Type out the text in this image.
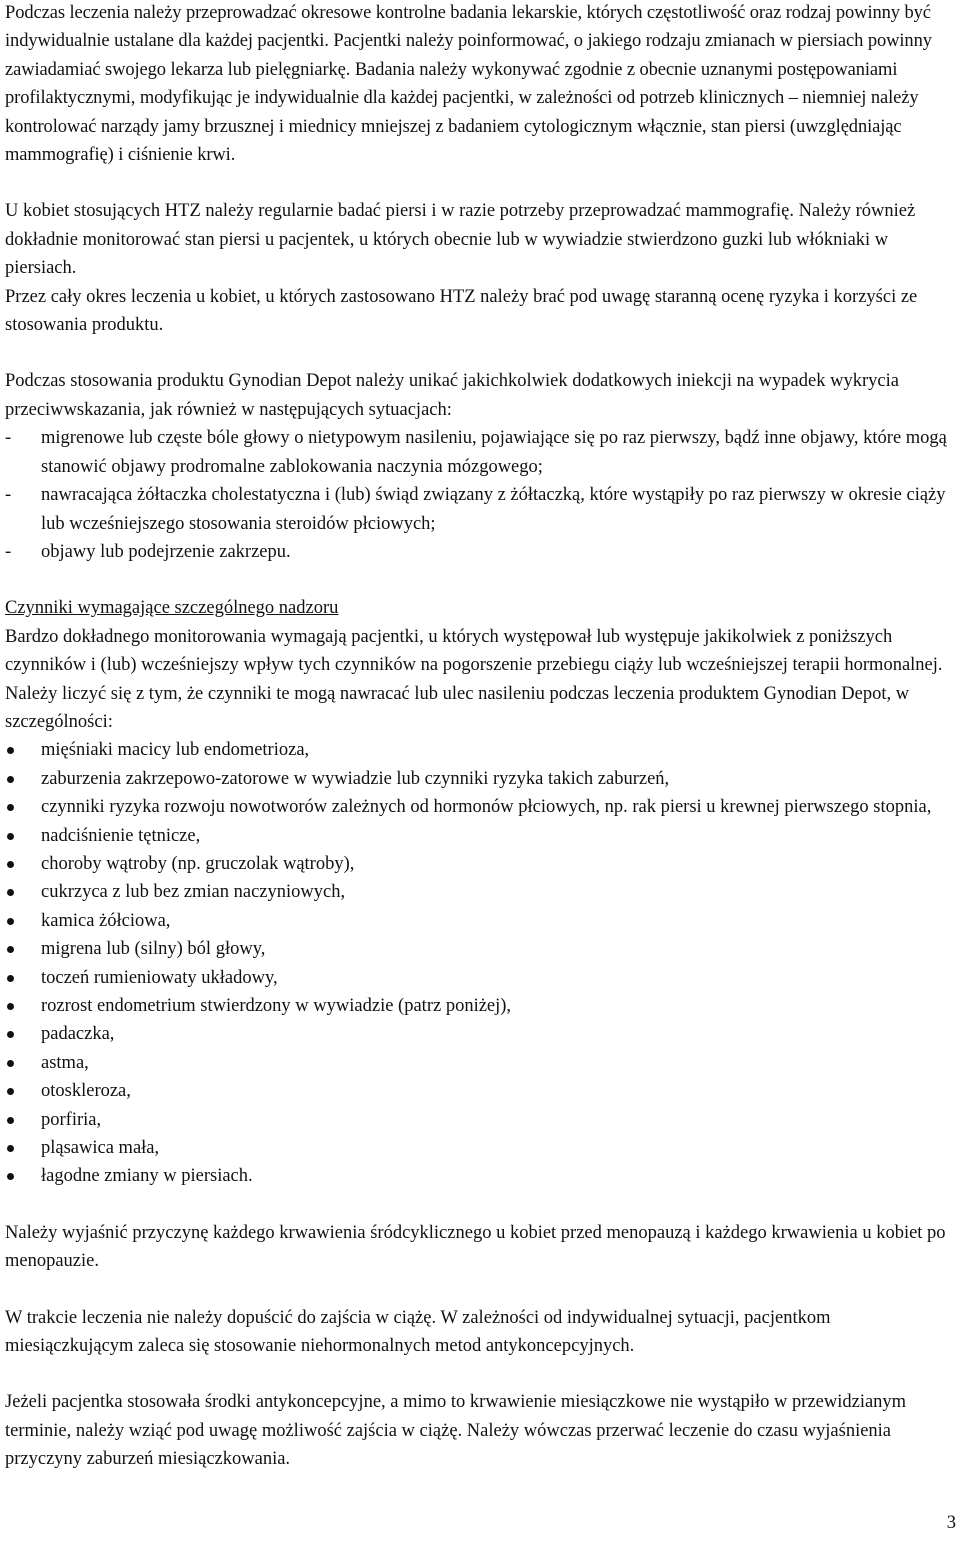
Podczas leczenia należy przeprowadzać okresowe kontrolne badania lekarskie, których częstotliwość oraz rodzaj powinny być indywidualnie ustalane dla każdej pacjentki. Pacjentki należy poinformować, o jakiego rodzaju zmianach w piersiach powinny zawiadamiać swojego lekarza lub pielęgniarkę. Badania należy wykonywać zgodnie z obecnie uznanymi postępowaniami profilaktycznymi, modyfikując je indywidualnie dla każdej pacjentki, w zależności od potrzeb klinicznych – niemniej należy kontrolować narządy jamy brzusznej i miednicy mniejszej z badaniem cytologicznym włącznie, stan piersi (uwzględniając mammografię) i ciśnienie krwi.

U kobiet stosujących HTZ należy regularnie badać piersi i w razie potrzeby przeprowadzać mammografię. Należy również dokładnie monitorować stan piersi u pacjentek, u których obecnie lub w wywiadzie stwierdzono guzki lub włókniaki w piersiach.

Przez cały okres leczenia u kobiet, u których zastosowano HTZ należy brać pod uwagę staranną ocenę ryzyka i korzyści ze stosowania produktu.

Podczas stosowania produktu Gynodian Depot należy unikać jakichkolwiek dodatkowych iniekcji na wypadek wykrycia przeciwwskazania, jak również w następujących sytuacjach:

- migrenowe lub częste bóle głowy o nietypowym nasileniu, pojawiające się po raz pierwszy, bądź inne objawy, które mogą stanowić objawy prodromalne zablokowania naczynia mózgowego;
- nawracająca żółtaczka cholestatyczna i (lub) świąd związany z żółtaczką, które wystąpiły po raz pierwszy w okresie ciąży lub wcześniejszego stosowania steroidów płciowych;
- objawy lub podejrzenie zakrzepu.

Czynniki wymagające szczególnego nadzoru

Bardzo dokładnego monitorowania wymagają pacjentki, u których występował lub występuje jakikolwiek z poniższych czynników i (lub) wcześniejszy wpływ tych czynników na pogorszenie przebiegu ciąży lub wcześniejszej terapii hormonalnej. Należy liczyć się z tym, że czynniki te mogą nawracać lub ulec nasileniu podczas leczenia produktem Gynodian Depot, w szczególności:

mięśniaki macicy lub endometrioza,
zaburzenia zakrzepowo-zatorowe w wywiadzie lub czynniki ryzyka takich zaburzeń,
czynniki ryzyka rozwoju nowotworów zależnych od hormonów płciowych, np. rak piersi u krewnej pierwszego stopnia,
nadciśnienie tętnicze,
choroby wątroby (np. gruczolak wątroby),
cukrzyca z lub bez zmian naczyniowych,
kamica żółciowa,
migrena lub (silny) ból głowy,
toczeń rumieniowaty układowy,
rozrost endometrium stwierdzony w wywiadzie (patrz poniżej),
padaczka,
astma,
otoskleroza,
porfiria,
pląsawica mała,
łagodne zmiany w piersiach.

Należy wyjaśnić przyczynę każdego krwawienia śródcyklicznego u kobiet przed menopauzą i każdego krwawienia u kobiet po menopauzie.

W trakcie leczenia nie należy dopuścić do zajścia w ciążę. W zależności od indywidualnej sytuacji, pacjentkom miesiączkującym zaleca się stosowanie niehormonalnych metod antykoncepcyjnych.

Jeżeli pacjentka stosowała środki antykoncepcyjne, a mimo to krwawienie miesiączkowe nie wystąpiło w przewidzianym terminie, należy wziąć pod uwagę możliwość zajścia w ciążę. Należy wówczas przerwać leczenie do czasu wyjaśnienia przyczyny zaburzeń miesiączkowania.

3
